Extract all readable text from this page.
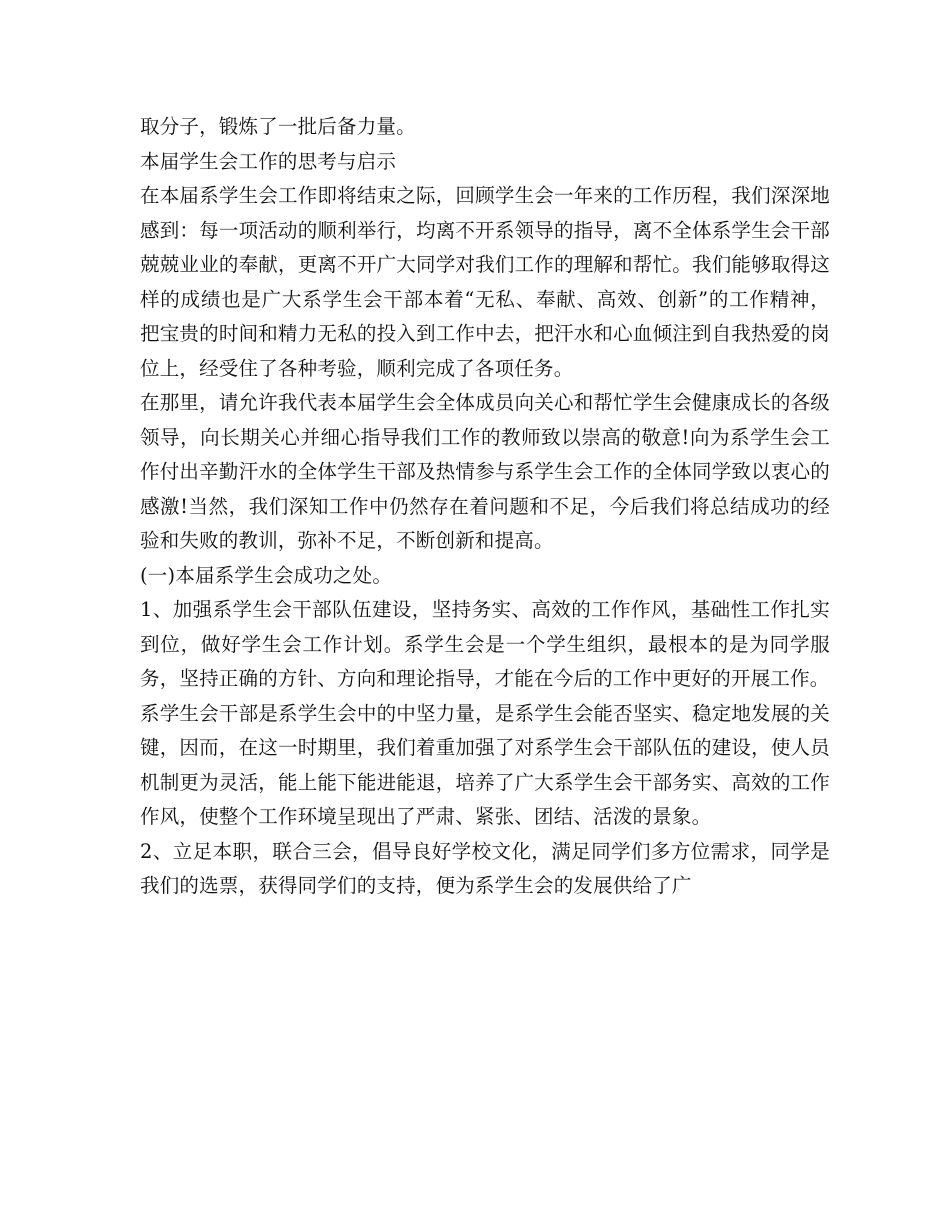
取分子，锻炼了一批后备力量。

本届学生会工作的思考与启示

在本届系学生会工作即将结束之际，回顾学生会一年来的工作历程，我们深深地感到：每一项活动的顺利举行，均离不开系领导的指导，离不全体系学生会干部兢兢业业的奉献，更离不开广大同学对我们工作的理解和帮忙。我们能够取得这样的成绩也是广大系学生会干部本着“无私、奉献、高效、创新”的工作精神，把宝贵的时间和精力无私的投入到工作中去，把汗水和心血倾注到自我热爱的岗位上，经受住了各种考验，顺利完成了各项任务。

在那里，请允许我代表本届学生会全体成员向关心和帮忙学生会健康成长的各级领导，向长期关心并细心指导我们工作的教师致以崇高的敬意!向为系学生会工作付出辛勤汗水的全体学生干部及热情参与系学生会工作的全体同学致以衷心的感激!当然，我们深知工作中仍然存在着问题和不足，今后我们将总结成功的经验和失败的教训，弥补不足，不断创新和提高。

(一)本届系学生会成功之处。

1、加强系学生会干部队伍建设，坚持务实、高效的工作作风，基础性工作扎实到位，做好学生会工作计划。系学生会是一个学生组织，最根本的是为同学服务，坚持正确的方针、方向和理论指导，才能在今后的工作中更好的开展工作。

系学生会干部是系学生会中的中坚力量，是系学生会能否坚实、稳定地发展的关键，因而，在这一时期里，我们着重加强了对系学生会干部队伍的建设，使人员机制更为灵活，能上能下能进能退，培养了广大系学生会干部务实、高效的工作作风，使整个工作环境呈现出了严肃、紧张、团结、活泼的景象。

2、立足本职，联合三会，倡导良好学校文化，满足同学们多方位需求，同学是我们的选票，获得同学们的支持，便为系学生会的发展供给了广
